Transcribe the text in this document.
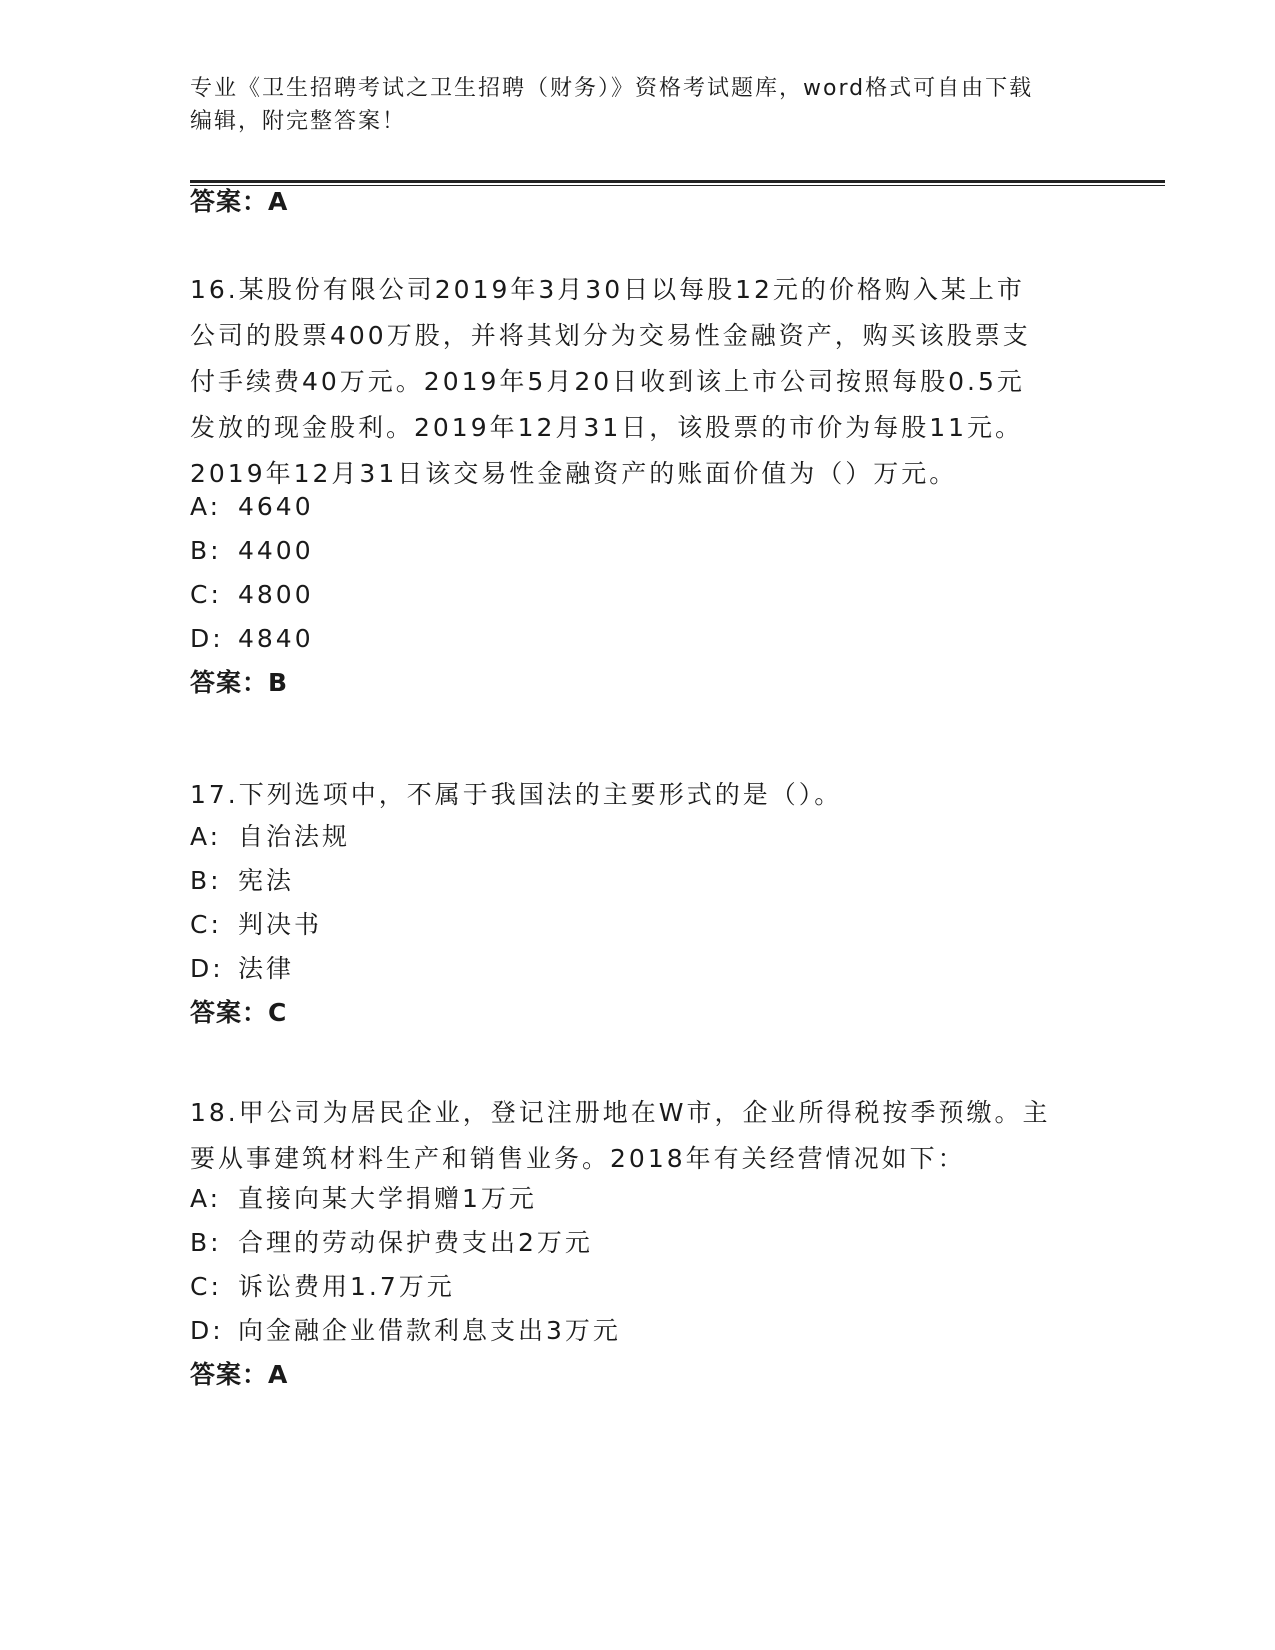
专业《卫生招聘考试之卫生招聘（财务）》资格考试题库，word格式可自由下载
编辑，附完整答案！
答案：A
16.某股份有限公司2019年3月30日以每股12元的价格购入某上市
公司的股票400万股，并将其划分为交易性金融资产，购买该股票支
付手续费40万元。2019年5月20日收到该上市公司按照每股0.5元
发放的现金股利。2019年12月31日，该股票的市价为每股11元。
2019年12月31日该交易性金融资产的账面价值为（）万元。
A: 4640
B: 4400
C: 4800
D: 4840
答案：B
17.下列选项中，不属于我国法的主要形式的是（）。
A: 自治法规
B: 宪法
C: 判决书
D: 法律
答案：C
18.甲公司为居民企业，登记注册地在W市，企业所得税按季预缴。主
要从事建筑材料生产和销售业务。2018年有关经营情况如下：
A: 直接向某大学捐赠1万元
B: 合理的劳动保护费支出2万元
C: 诉讼费用1.7万元
D: 向金融企业借款利息支出3万元
答案：A
